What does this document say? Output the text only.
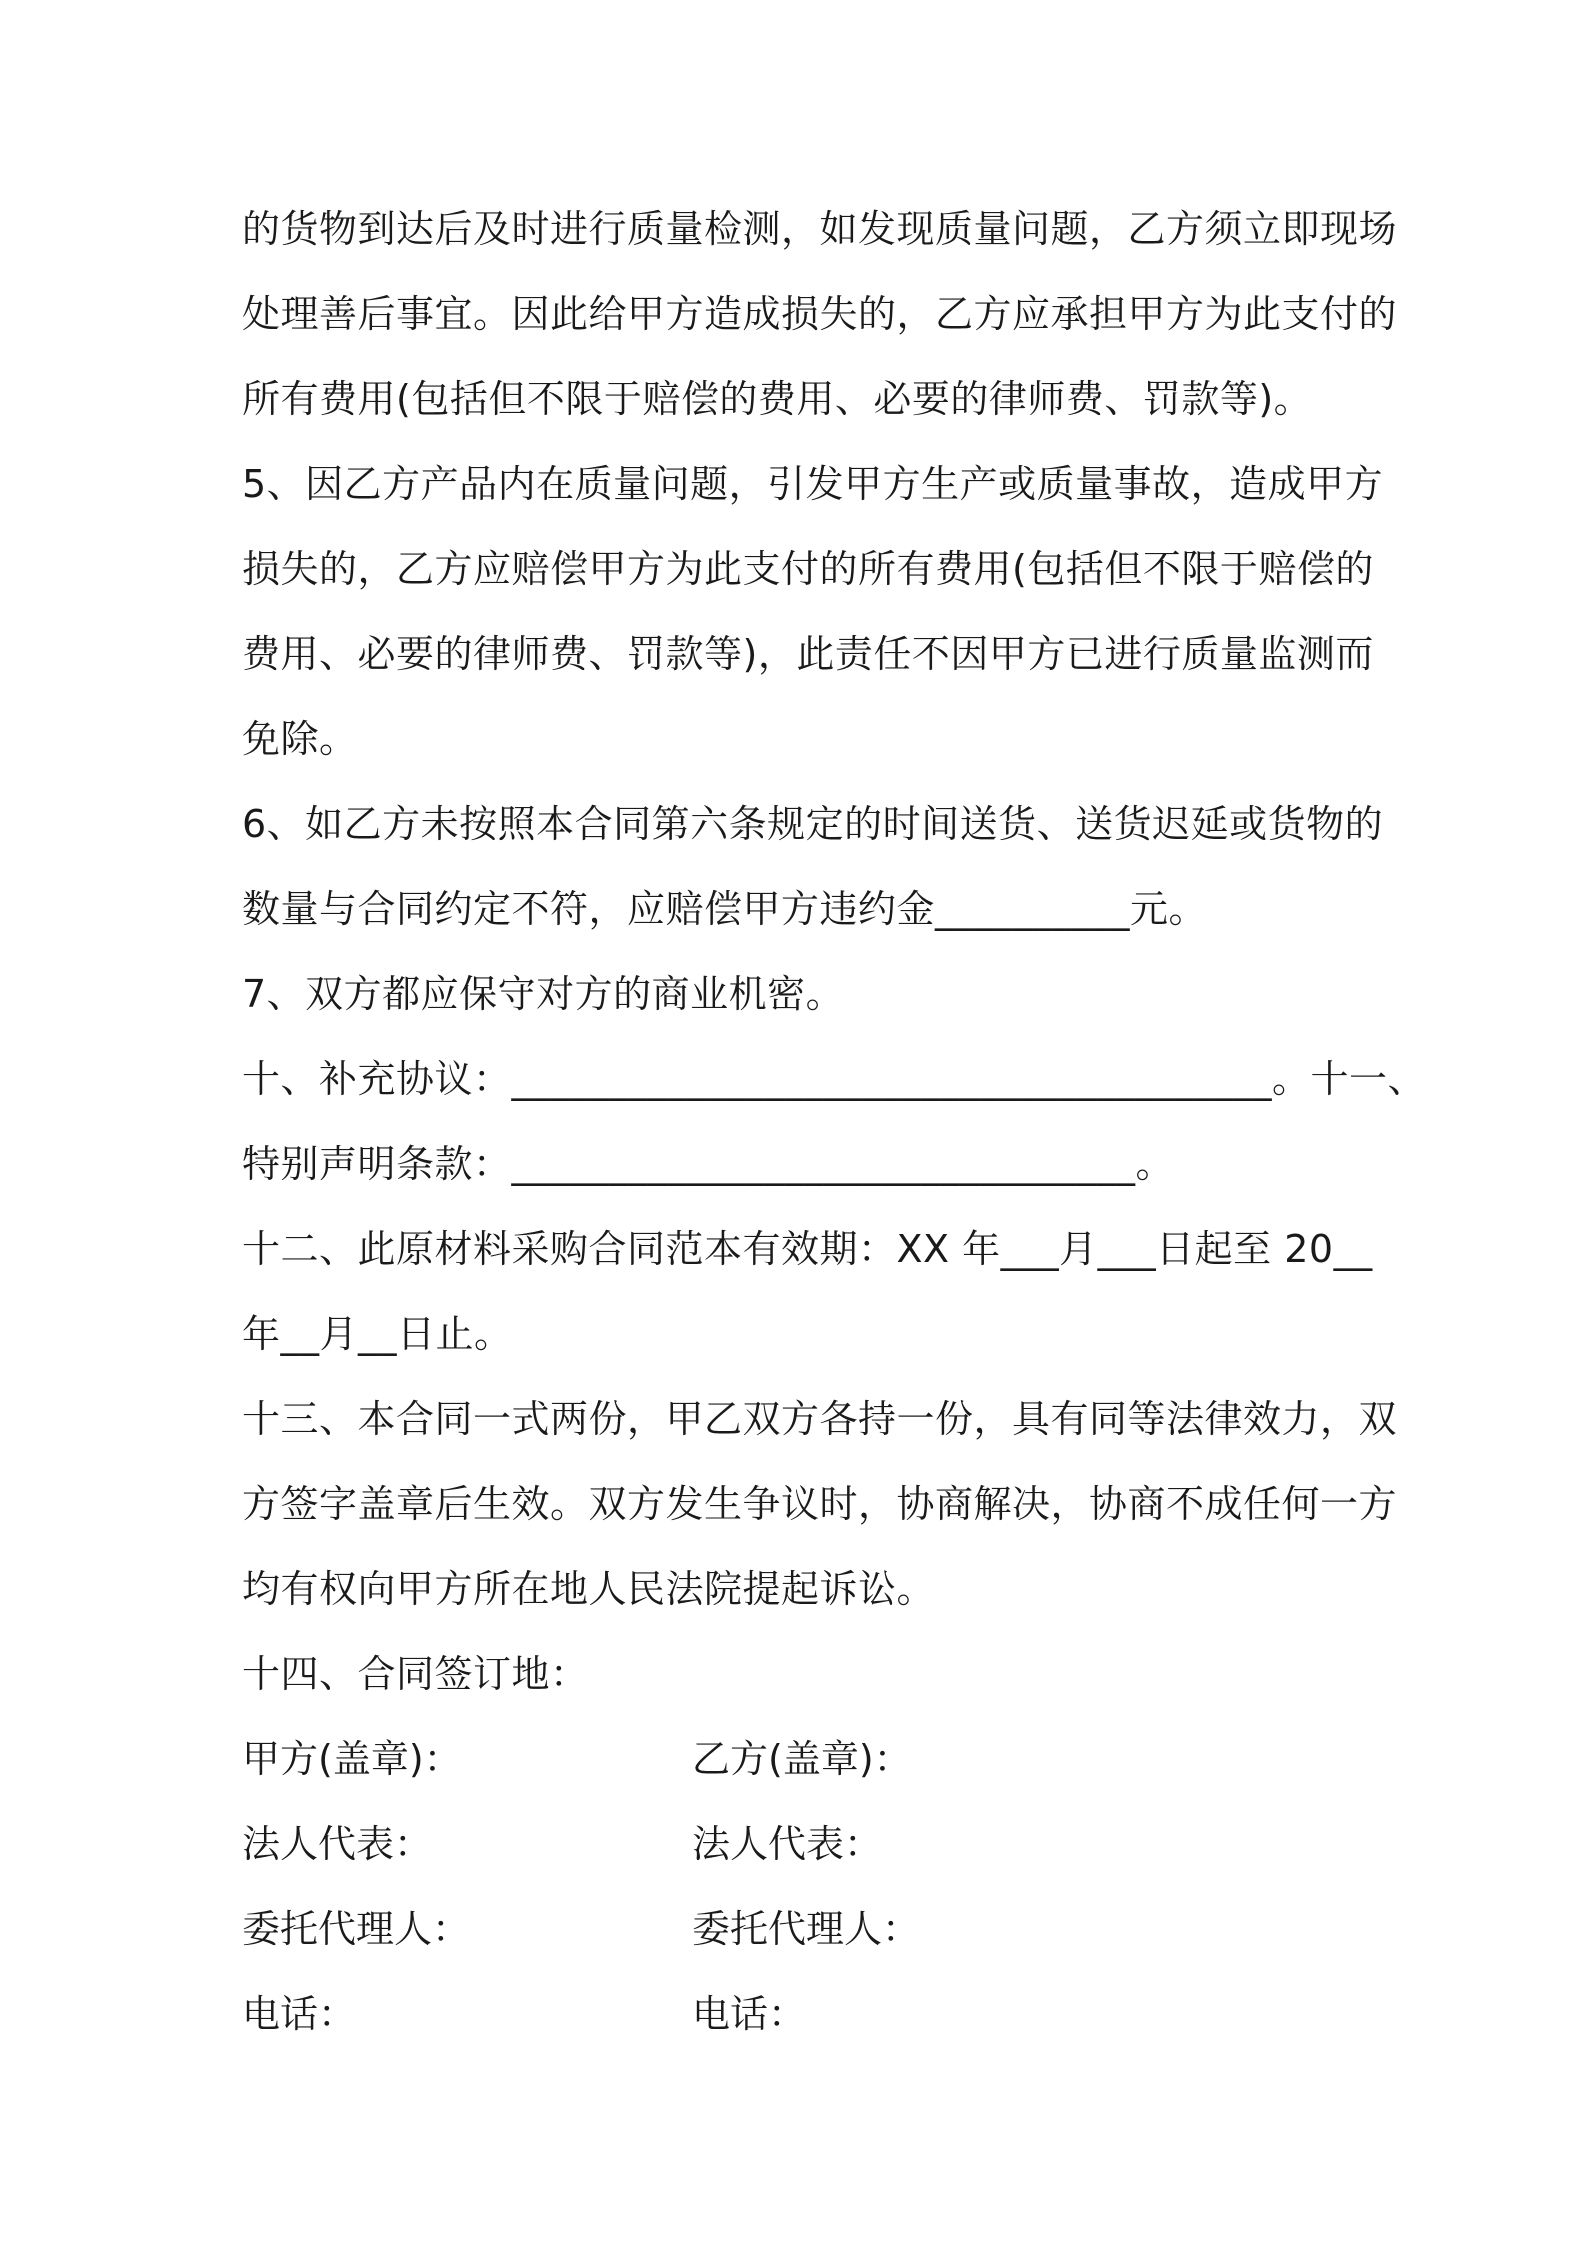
的货物到达后及时进行质量检测，如发现质量问题，乙方须立即现场
处理善后事宜。因此给甲方造成损失的，乙方应承担甲方为此支付的
所有费用(包括但不限于赔偿的费用、必要的律师费、罚款等)。
5、因乙方产品内在质量问题，引发甲方生产或质量事故，造成甲方
损失的，乙方应赔偿甲方为此支付的所有费用(包括但不限于赔偿的
费用、必要的律师费、罚款等)，此责任不因甲方已进行质量监测而
免除。
6、如乙方未按照本合同第六条规定的时间送货、送货迟延或货物的
数量与合同约定不符，应赔偿甲方违约金__________元。
7、双方都应保守对方的商业机密。
十、补充协议：_______________________________________。十一、
特别声明条款：________________________________。
十二、此原材料采购合同范本有效期：XX 年___月___日起至 20__
年__月__日止。
十三、本合同一式两份，甲乙双方各持一份，具有同等法律效力，双
方签字盖章后生效。双方发生争议时，协商解决，协商不成任何一方
均有权向甲方所在地人民法院提起诉讼。
十四、合同签订地：
甲方(盖章)：	乙方(盖章)：
法人代表：	法人代表：
委托代理人：	委托代理人：
电话：	电话：
